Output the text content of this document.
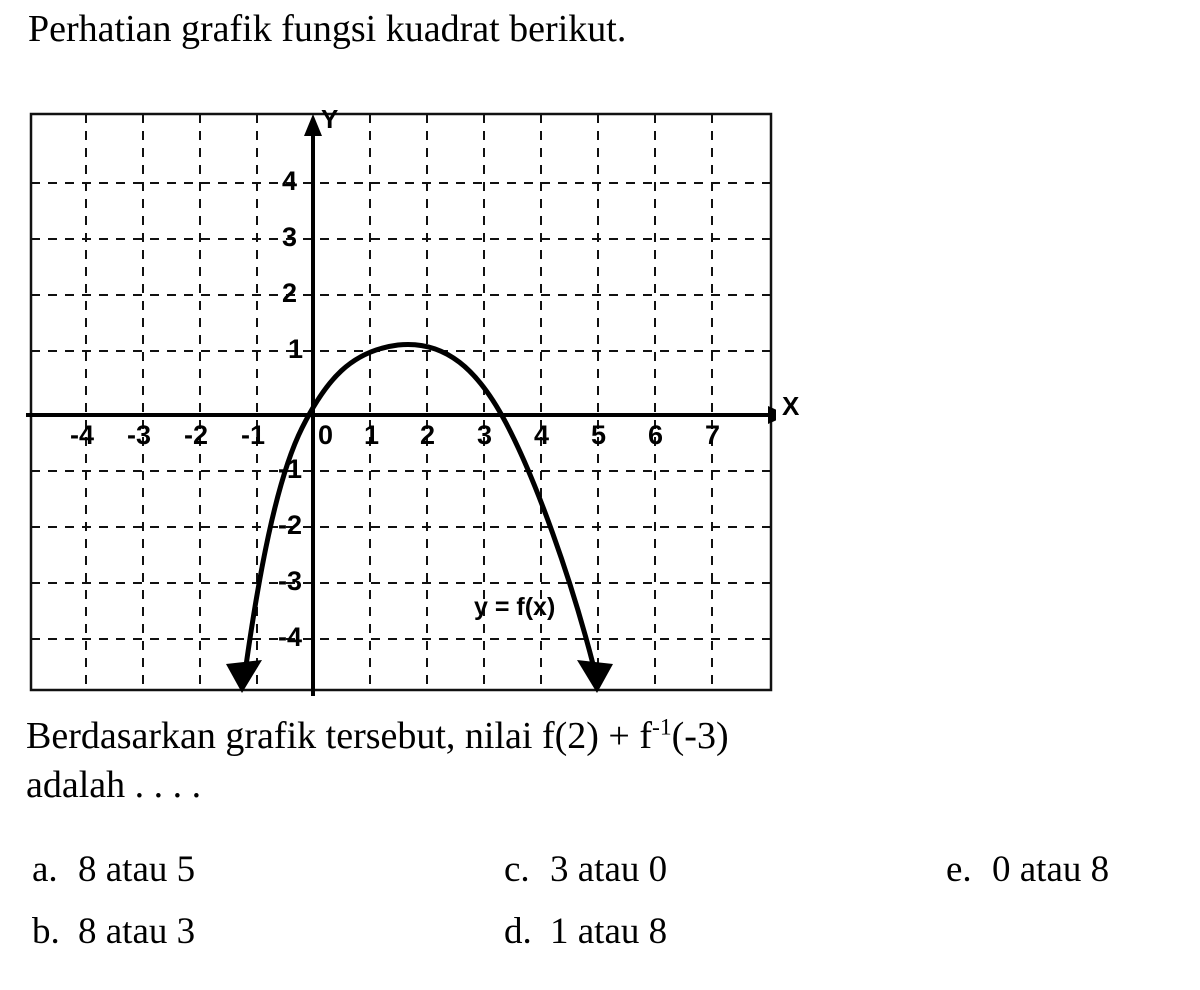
Perhatian grafik fungsi kuadrat berikut.
Y
X
-4 -3 -2 -1 0 1 2 3 4 5 6 7
4
3
2
1
-1
-2
-3
-4
y = f(x)
Berdasarkan grafik tersebut, nilai $f(2) + f^{-1}(-3)$
adalah . . . .
a. 8 atau 5
b. 8 atau 3
c. 3 atau 0
d. 1 atau 8
e. 0 atau 8
